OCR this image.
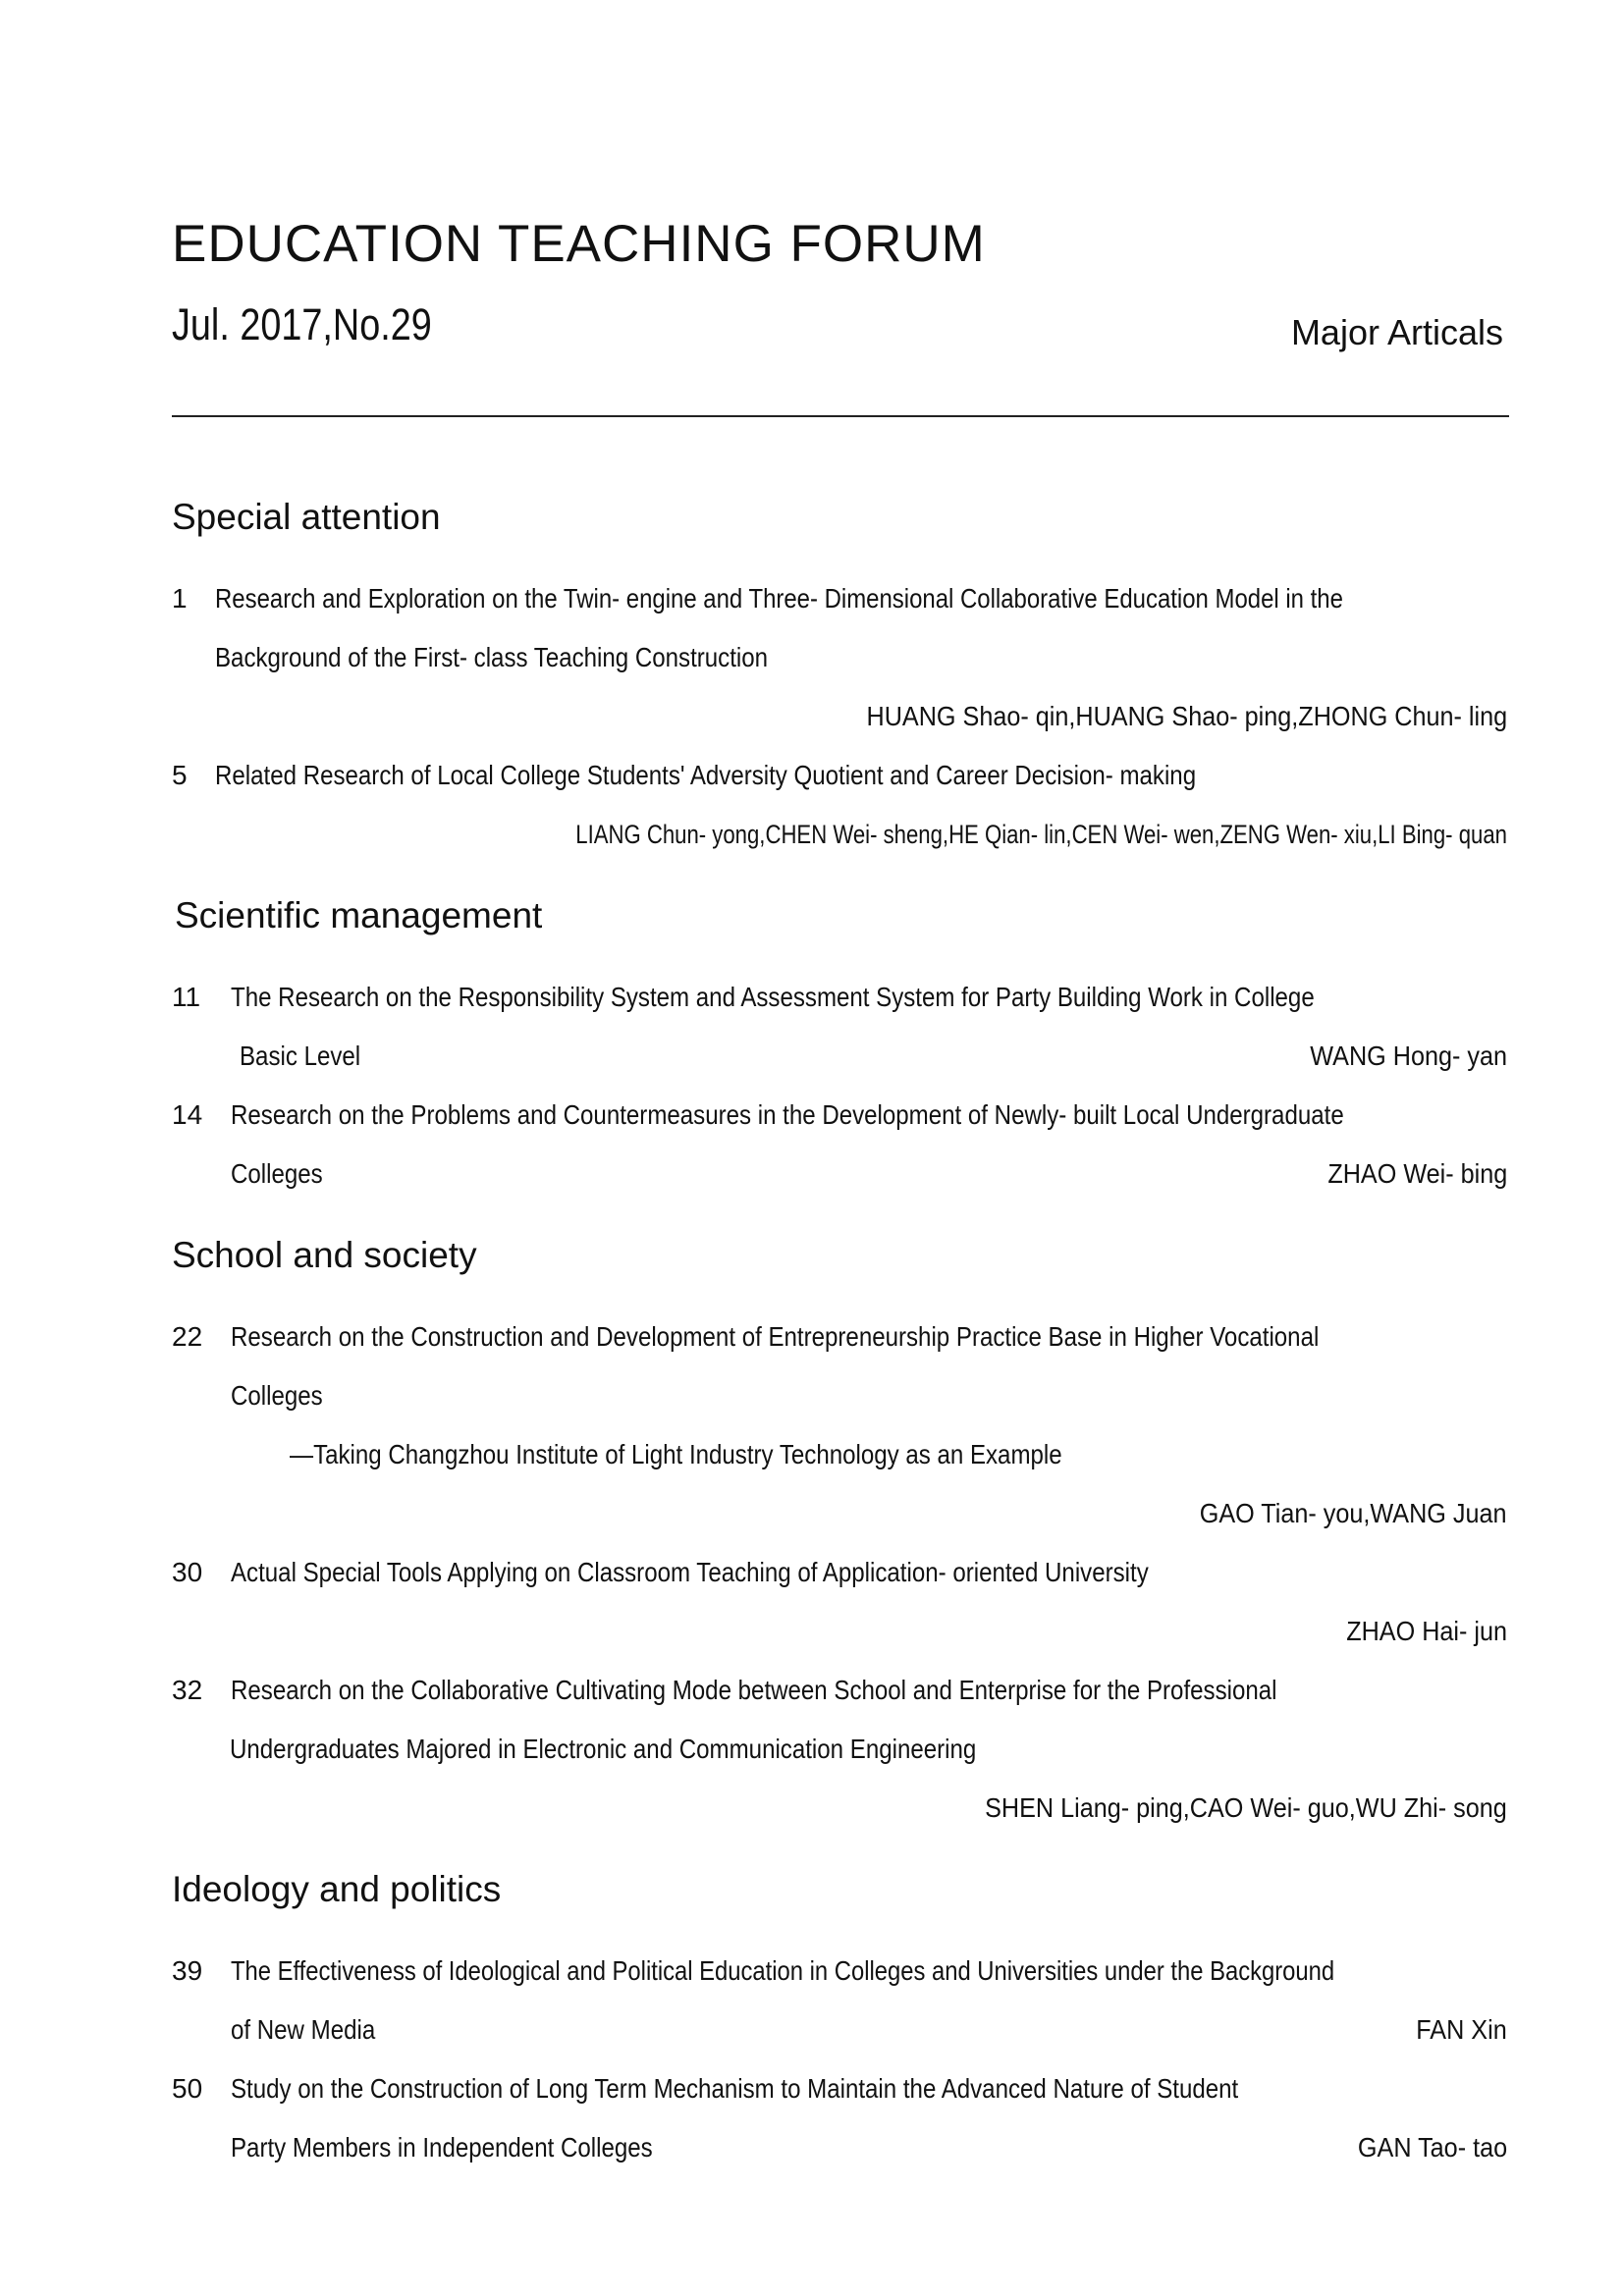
EDUCATION TEACHING FORUM
Jul. 2017,No.29	Major Articals
Special attention
1 Research and Exploration on the Twin- engine and Three- Dimensional Collaborative Education Model in the
Background of the First- class Teaching Construction
HUANG Shao- qin,HUANG Shao- ping,ZHONG Chun- ling
5 Related Research of Local College Students' Adversity Quotient and Career Decision- making
LIANG Chun- yong,CHEN Wei- sheng,HE Qian- lin,CEN Wei- wen,ZENG Wen- xiu,LI Bing- quan
Scientific management
11 The Research on the Responsibility System and Assessment System for Party Building Work in College
Basic Level	WANG Hong- yan
14 Research on the Problems and Countermeasures in the Development of Newly- built Local Undergraduate
Colleges	ZHAO Wei- bing
School and society
22 Research on the Construction and Development of Entrepreneurship Practice Base in Higher Vocational
Colleges
—Taking Changzhou Institute of Light Industry Technology as an Example
GAO Tian- you,WANG Juan
30 Actual Special Tools Applying on Classroom Teaching of Application- oriented University
ZHAO Hai- jun
32 Research on the Collaborative Cultivating Mode between School and Enterprise for the Professional
Undergraduates Majored in Electronic and Communication Engineering
SHEN Liang- ping,CAO Wei- guo,WU Zhi- song
Ideology and politics
39 The Effectiveness of Ideological and Political Education in Colleges and Universities under the Background
of New Media	FAN Xin
50 Study on the Construction of Long Term Mechanism to Maintain the Advanced Nature of Student
Party Members in Independent Colleges	GAN Tao- tao
